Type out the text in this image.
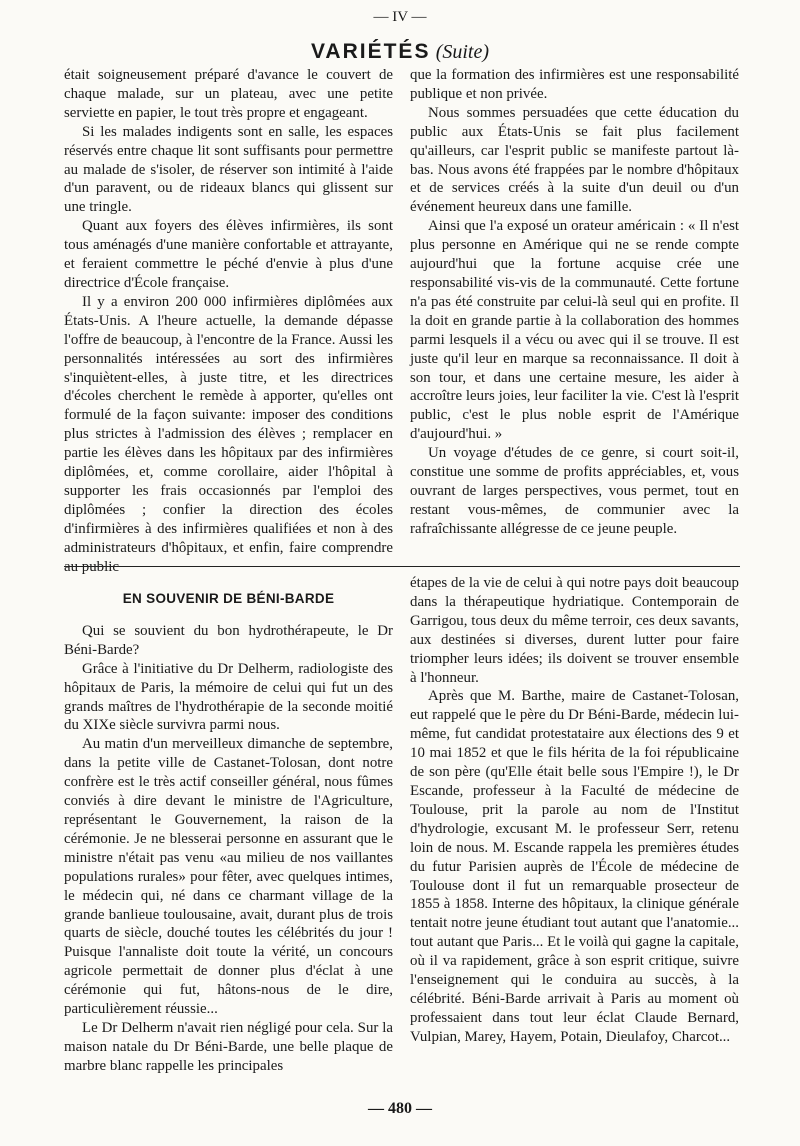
— IV —
VARIÉTÉS (Suite)

était soigneusement préparé d'avance le couvert de chaque malade, sur un plateau, avec une petite serviette en papier, le tout très propre et engageant.

Si les malades indigents sont en salle, les espaces réservés entre chaque lit sont suffisants pour permettre au malade de s'isoler, de réserver son intimité à l'aide d'un paravent, ou de rideaux blancs qui glissent sur une tringle.

Quant aux foyers des élèves infirmières, ils sont tous aménagés d'une manière confortable et attrayante, et feraient commettre le péché d'envie à plus d'une directrice d'École française.

Il y a environ 200 000 infirmières diplômées aux États-Unis. A l'heure actuelle, la demande dépasse l'offre de beaucoup, à l'encontre de la France. Aussi les personnalités intéressées au sort des infirmières s'inquiètent-elles, à juste titre, et les directrices d'écoles cherchent le remède à apporter, qu'elles ont formulé de la façon suivante: imposer des conditions plus strictes à l'admission des élèves ; remplacer en partie les élèves dans les hôpitaux par des infirmières diplômées, et, comme corollaire, aider l'hôpital à supporter les frais occasionnés par l'emploi des diplômées ; confier la direction des écoles d'infirmières à des infirmières qualifiées et non à des administrateurs d'hôpitaux, et enfin, faire comprendre au public

que la formation des infirmières est une responsabilité publique et non privée.

Nous sommes persuadées que cette éducation du public aux États-Unis se fait plus facilement qu'ailleurs, car l'esprit public se manifeste partout là-bas. Nous avons été frappées par le nombre d'hôpitaux et de services créés à la suite d'un deuil ou d'un événement heureux dans une famille.

Ainsi que l'a exposé un orateur américain : « Il n'est plus personne en Amérique qui ne se rende compte aujourd'hui que la fortune acquise crée une responsabilité vis-vis de la communauté. Cette fortune n'a pas été construite par celui-là seul qui en profite. Il la doit en grande partie à la collaboration des hommes parmi lesquels il a vécu ou avec qui il se trouve. Il est juste qu'il leur en marque sa reconnaissance. Il doit à son tour, et dans une certaine mesure, les aider à accroître leurs joies, leur faciliter la vie. C'est là l'esprit public, c'est le plus noble esprit de l'Amérique d'aujourd'hui. »

Un voyage d'études de ce genre, si court soit-il, constitue une somme de profits appréciables, et, vous ouvrant de larges perspectives, vous permet, tout en restant vous-mêmes, de communier avec la rafraîchissante allégresse de ce jeune peuple.

EN SOUVENIR DE BÉNI-BARDE

Qui se souvient du bon hydrothérapeute, le Dr Béni-Barde?

Grâce à l'initiative du Dr Delherm, radiologiste des hôpitaux de Paris, la mémoire de celui qui fut un des grands maîtres de l'hydrothérapie de la seconde moitié du XIXe siècle survivra parmi nous.

Au matin d'un merveilleux dimanche de septembre, dans la petite ville de Castanet-Tolosan, dont notre confrère est le très actif conseiller général, nous fûmes conviés à dire devant le ministre de l'Agriculture, représentant le Gouvernement, la raison de la cérémonie. Je ne blesserai personne en assurant que le ministre n'était pas venu «au milieu de nos vaillantes populations rurales» pour fêter, avec quelques intimes, le médecin qui, né dans ce charmant village de la grande banlieue toulousaine, avait, durant plus de trois quarts de siècle, douché toutes les célébrités du jour ! Puisque l'annaliste doit toute la vérité, un concours agricole permettait de donner plus d'éclat à une cérémonie qui fut, hâtons-nous de le dire, particulièrement réussie...

Le Dr Delherm n'avait rien négligé pour cela. Sur la maison natale du Dr Béni-Barde, une belle plaque de marbre blanc rappelle les principales

étapes de la vie de celui à qui notre pays doit beaucoup dans la thérapeutique hydriatique. Contemporain de Garrigou, tous deux du même terroir, ces deux savants, aux destinées si diverses, durent lutter pour faire triompher leurs idées; ils doivent se trouver ensemble à l'honneur.

Après que M. Barthe, maire de Castanet-Tolosan, eut rappelé que le père du Dr Béni-Barde, médecin lui-même, fut candidat protestataire aux élections des 9 et 10 mai 1852 et que le fils hérita de la foi républicaine de son père (qu'Elle était belle sous l'Empire !), le Dr Escande, professeur à la Faculté de médecine de Toulouse, prit la parole au nom de l'Institut d'hydrologie, excusant M. le professeur Serr, retenu loin de nous. M. Escande rappela les premières études du futur Parisien auprès de l'École de médecine de Toulouse dont il fut un remarquable prosecteur de 1855 à 1858. Interne des hôpitaux, la clinique générale tentait notre jeune étudiant tout autant que l'anatomie... tout autant que Paris... Et le voilà qui gagne la capitale, où il va rapidement, grâce à son esprit critique, suivre l'enseignement qui le conduira au succès, à la célébrité. Béni-Barde arrivait à Paris au moment où professaient dans tout leur éclat Claude Bernard, Vulpian, Marey, Hayem, Potain, Dieulafoy, Charcot...

— 480 —
